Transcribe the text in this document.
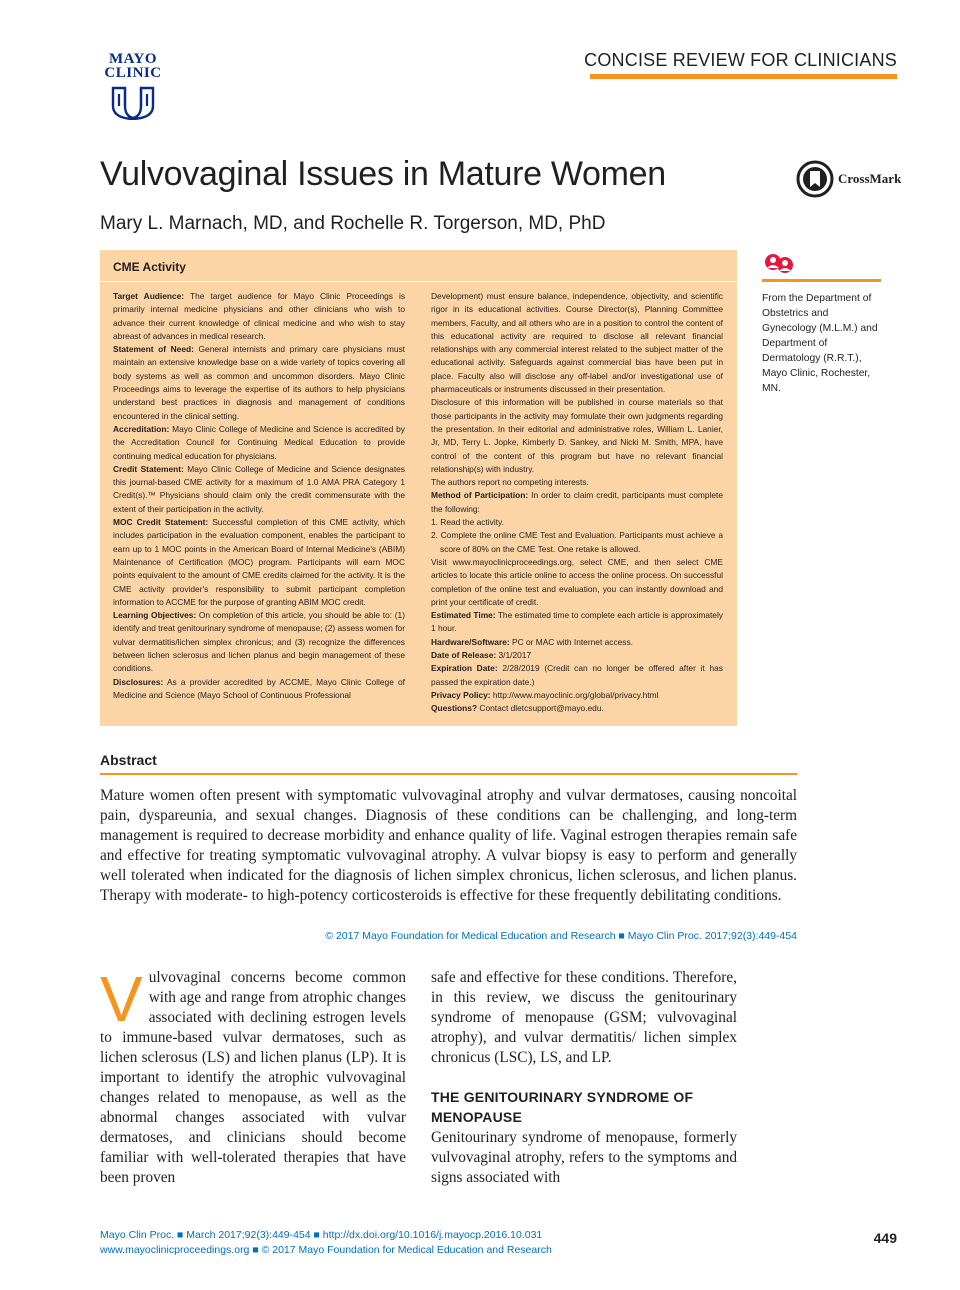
MAYO
CLINIC
CONCISE REVIEW FOR CLINICIANS
Vulvovaginal Issues in Mature Women	CrossMark
Mary L. Marnach, MD, and Rochelle R. Torgerson, MD, PhD
CME Activity

Target Audience: The target audience for Mayo Clinic Proceedings is primarily internal medicine physicians and other clinicians who wish to advance their current knowledge of clinical medicine and who wish to stay abreast of advances in medical research.

Statement of Need: General internists and primary care physicians must maintain an extensive knowledge base on a wide variety of topics covering all body systems as well as common and uncommon disorders. Mayo Clinic Proceedings aims to leverage the expertise of its authors to help physicians understand best practices in diagnosis and management of conditions encountered in the clinical setting.

Accreditation: Mayo Clinic College of Medicine and Science is accredited by the Accreditation Council for Continuing Medical Education to provide continuing medical education for physicians.

Credit Statement: Mayo Clinic College of Medicine and Science designates this journal-based CME activity for a maximum of 1.0 AMA PRA Category 1 Credit(s).™ Physicians should claim only the credit commensurate with the extent of their participation in the activity.

MOC Credit Statement: Successful completion of this CME activity, which includes participation in the evaluation component, enables the participant to earn up to 1 MOC points in the American Board of Internal Medicine's (ABIM) Maintenance of Certification (MOC) program. Participants will earn MOC points equivalent to the amount of CME credits claimed for the activity. It is the CME activity provider's responsibility to submit participant completion information to ACCME for the purpose of granting ABIM MOC credit.

Learning Objectives: On completion of this article, you should be able to: (1) identify and treat genitourinary syndrome of menopause; (2) assess women for vulvar dermatitis/lichen simplex chronicus; and (3) recognize the differences between lichen sclerosus and lichen planus and begin management of these conditions.

Disclosures: As a provider accredited by ACCME, Mayo Clinic College of Medicine and Science (Mayo School of Continuous Professional

Development) must ensure balance, independence, objectivity, and scientific rigor in its educational activities. Course Director(s), Planning Committee members, Faculty, and all others who are in a position to control the content of this educational activity are required to disclose all relevant financial relationships with any commercial interest related to the subject matter of the educational activity. Safeguards against commercial bias have been put in place. Faculty also will disclose any off-label and/or investigational use of pharmaceuticals or instruments discussed in their presentation.

Disclosure of this information will be published in course materials so that those participants in the activity may formulate their own judgments regarding the presentation. In their editorial and administrative roles, William L. Lanier, Jr, MD, Terry L. Jopke, Kimberly D. Sankey, and Nicki M. Smith, MPA, have control of the content of this program but have no relevant financial relationship(s) with industry.

The authors report no competing interests.

Method of Participation: In order to claim credit, participants must complete the following:

1. Read the activity.

2. Complete the online CME Test and Evaluation. Participants must achieve a score of 80% on the CME Test. One retake is allowed.

Visit www.mayoclinicproceedings.org, select CME, and then select CME articles to locate this article online to access the online process. On successful completion of the online test and evaluation, you can instantly download and print your certificate of credit.

Estimated Time: The estimated time to complete each article is approximately 1 hour.

Hardware/Software: PC or MAC with Internet access.

Date of Release: 3/1/2017

Expiration Date: 2/28/2019 (Credit can no longer be offered after it has passed the expiration date.)

Privacy Policy: http://www.mayoclinic.org/global/privacy.html

Questions? Contact dletcsupport@mayo.edu.

From the Department of Obstetrics and Gynecology (M.L.M.) and Department of Dermatology (R.R.T.), Mayo Clinic, Rochester, MN.
Abstract
Mature women often present with symptomatic vulvovaginal atrophy and vulvar dermatoses, causing noncoital pain, dyspareunia, and sexual changes. Diagnosis of these conditions can be challenging, and long-term management is required to decrease morbidity and enhance quality of life. Vaginal estrogen therapies remain safe and effective for treating symptomatic vulvovaginal atrophy. A vulvar biopsy is easy to perform and generally well tolerated when indicated for the diagnosis of lichen simplex chronicus, lichen sclerosus, and lichen planus. Therapy with moderate- to high-potency corticosteroids is effective for these frequently debilitating conditions.
© 2017 Mayo Foundation for Medical Education and Research ■ Mayo Clin Proc. 2017;92(3):449-454
Vulvovaginal concerns become common with age and range from atrophic changes associated with declining estrogen levels to immune-based vulvar dermatoses, such as lichen sclerosus (LS) and lichen planus (LP). It is important to identify the atrophic vulvovaginal changes related to menopause, as well as the abnormal changes associated with vulvar dermatoses, and clinicians should become familiar with well-tolerated therapies that have been proven
safe and effective for these conditions. Therefore, in this review, we discuss the genitourinary syndrome of menopause (GSM; vulvovaginal atrophy), and vulvar dermatitis/ lichen simplex chronicus (LSC), LS, and LP.
THE GENITOURINARY SYNDROME OF MENOPAUSE
Genitourinary syndrome of menopause, formerly vulvovaginal atrophy, refers to the symptoms and signs associated with
Mayo Clin Proc. ■ March 2017;92(3):449-454 ■ http://dx.doi.org/10.1016/j.mayocp.2016.10.031
www.mayoclinicproceedings.org ■ © 2017 Mayo Foundation for Medical Education and Research
449
